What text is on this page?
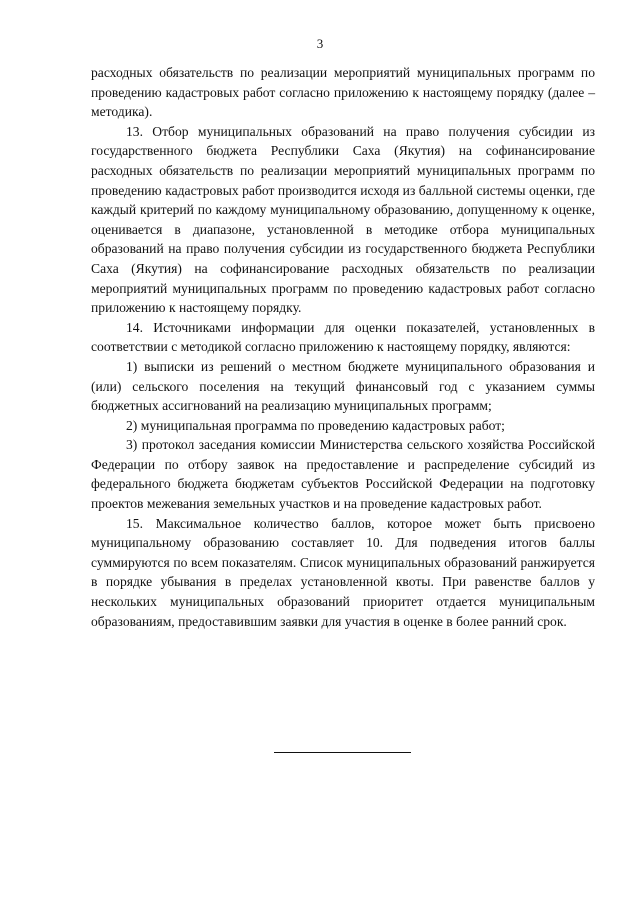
3

расходных обязательств по реализации мероприятий муниципальных программ по проведению кадастровых работ согласно приложению к настоящему порядку (далее – методика).

13. Отбор муниципальных образований на право получения субсидии из государственного бюджета Республики Саха (Якутия) на софинансирование расходных обязательств по реализации мероприятий муниципальных программ по проведению кадастровых работ производится исходя из балльной системы оценки, где каждый критерий по каждому муниципальному образованию, допущенному к оценке, оценивается в диапазоне, установленной в методике отбора муниципальных образований на право получения субсидии из государственного бюджета Республики Саха (Якутия) на софинансирование расходных обязательств по реализации мероприятий муниципальных программ по проведению кадастровых работ согласно приложению к настоящему порядку.

14. Источниками информации для оценки показателей, установленных в соответствии с методикой согласно приложению к настоящему порядку, являются:

1) выписки из решений о местном бюджете муниципального образования и (или) сельского поселения на текущий финансовый год с указанием суммы бюджетных ассигнований на реализацию муниципальных программ;

2) муниципальная программа по проведению кадастровых работ;

3) протокол заседания комиссии Министерства сельского хозяйства Российской Федерации по отбору заявок на предоставление и распределение субсидий из федерального бюджета бюджетам субъектов Российской Федерации на подготовку проектов межевания земельных участков и на проведение кадастровых работ.

15. Максимальное количество баллов, которое может быть присвоено муниципальному образованию составляет 10. Для подведения итогов баллы суммируются по всем показателям. Список муниципальных образований ранжируется в порядке убывания в пределах установленной квоты. При равенстве баллов у нескольких муниципальных образований приоритет отдается муниципальным образованиям, предоставившим заявки для участия в оценке в более ранний срок.
